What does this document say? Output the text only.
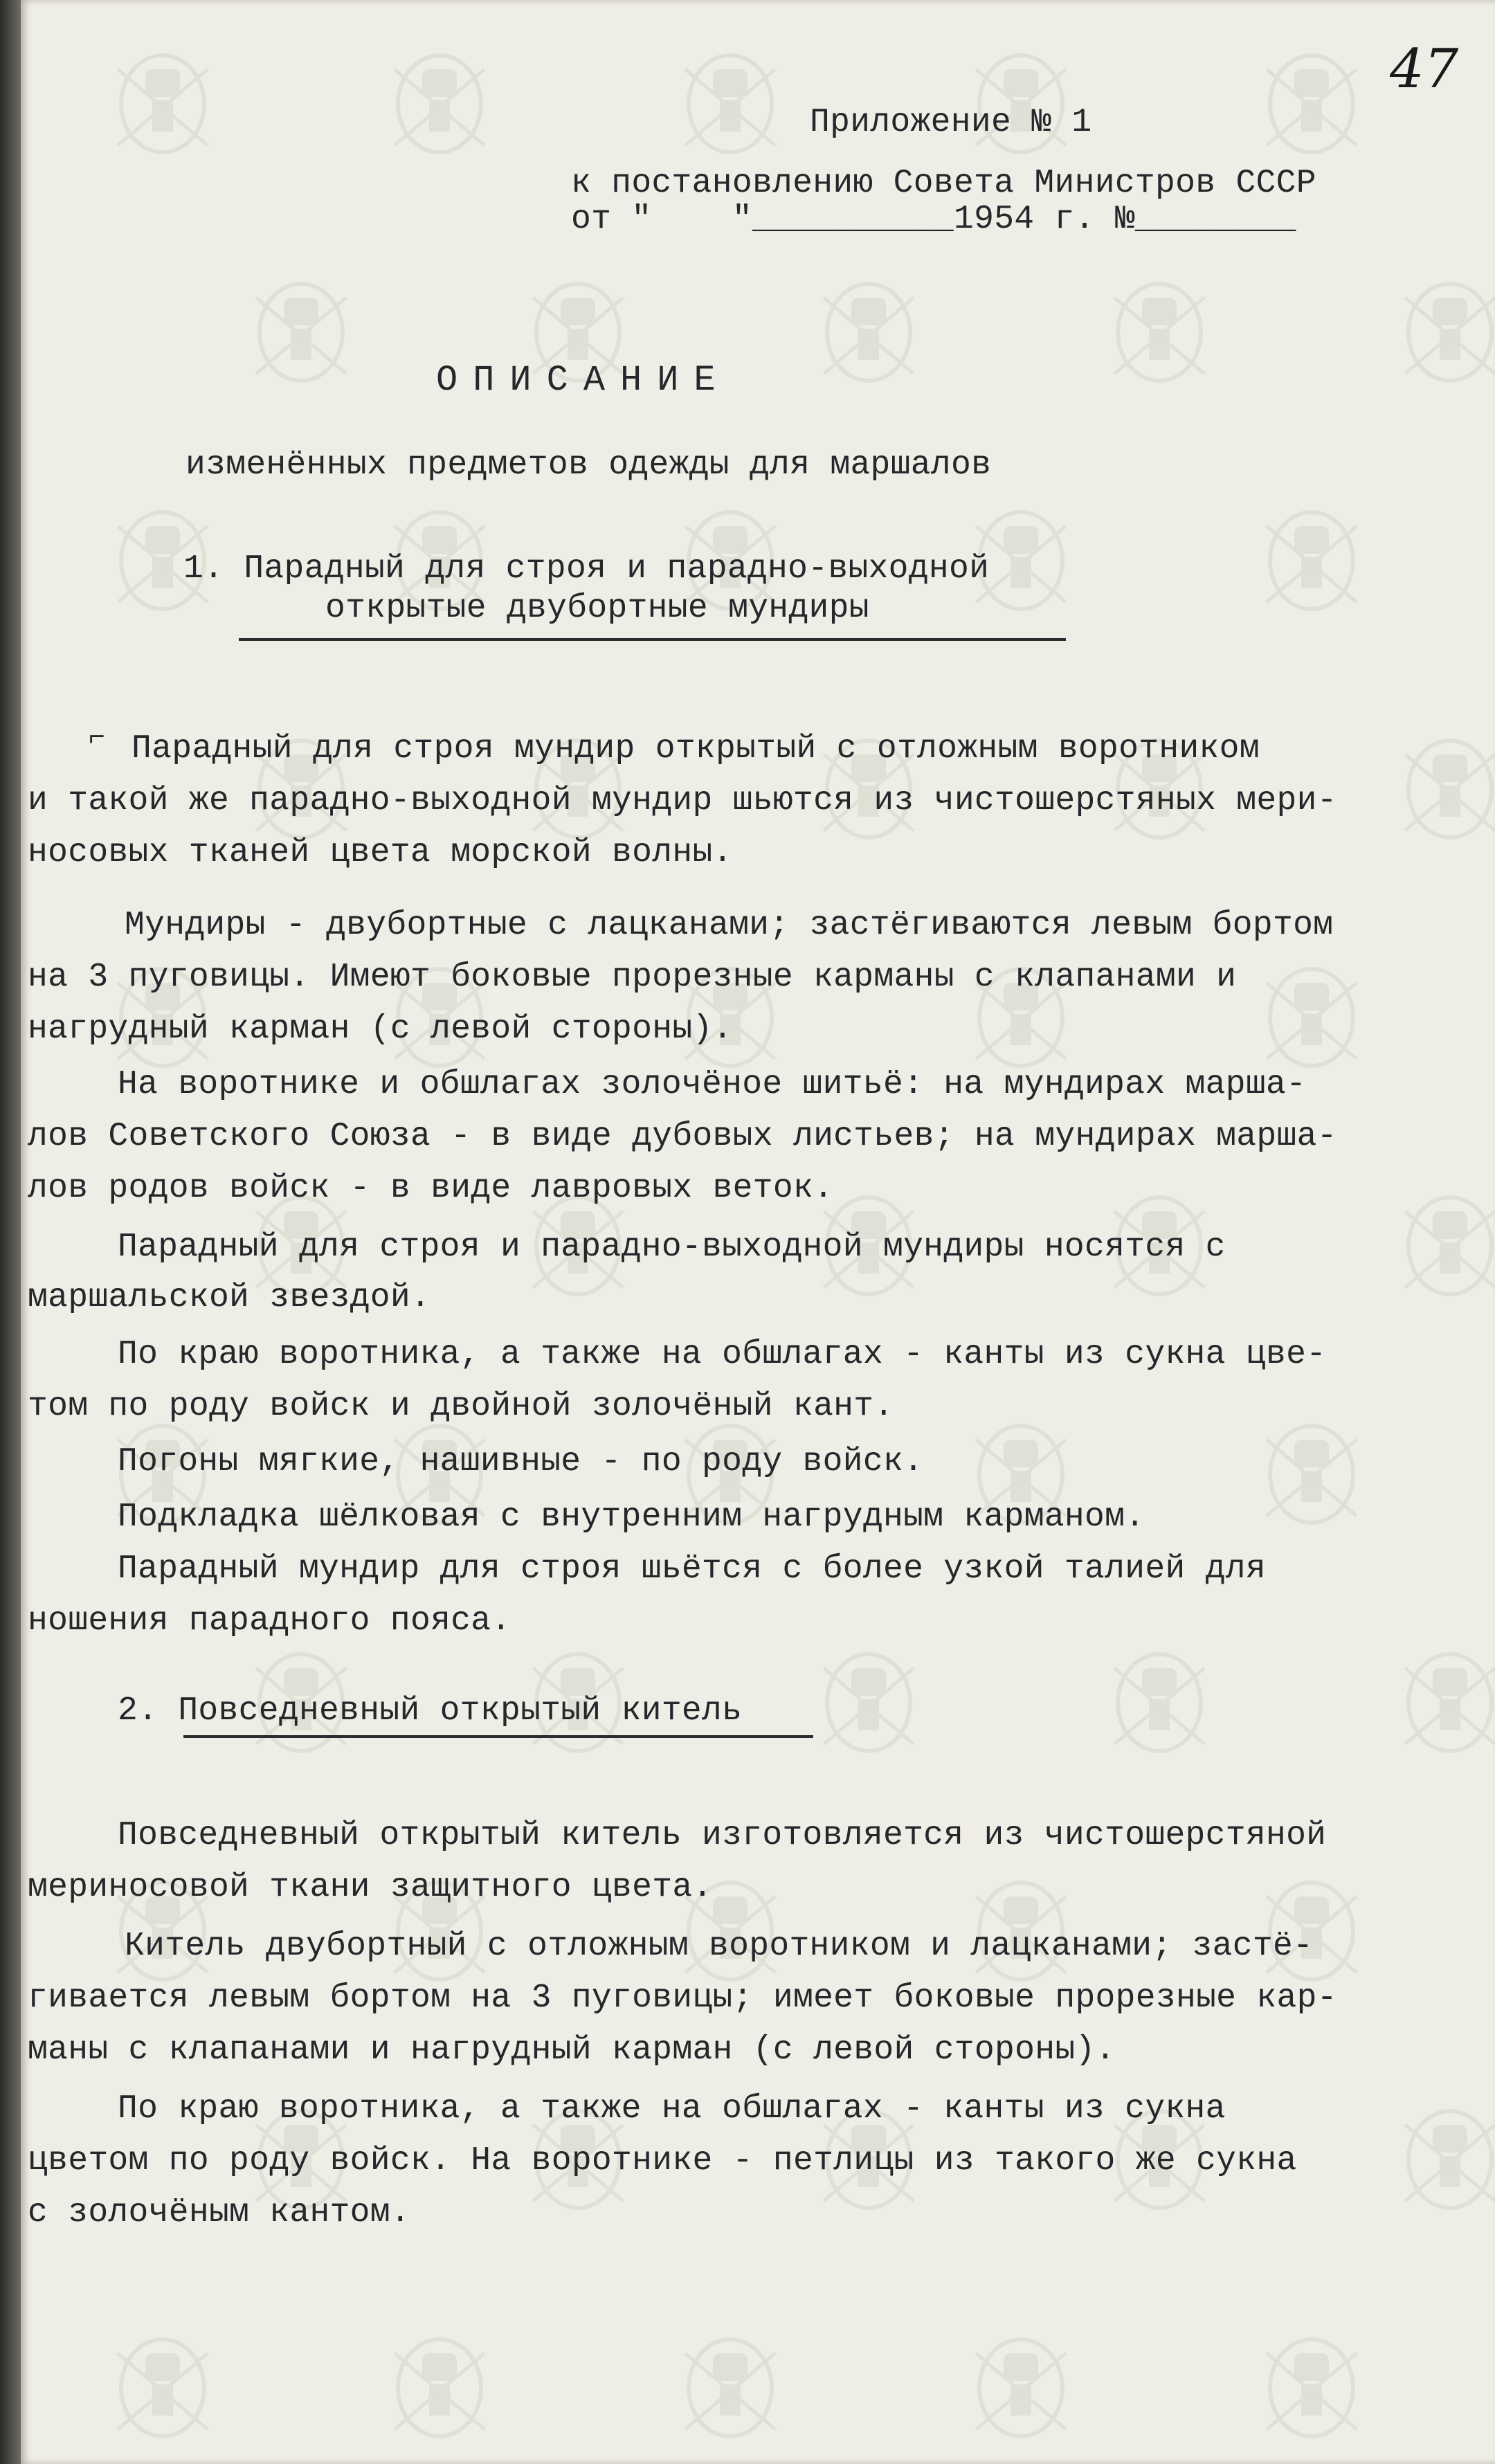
47
Приложение № 1
к постановлению Совета Министров СССР
от "    "__________1954 г. №________
ОПИСАНИЕ
изменённых предметов одежды для маршалов
1. Парадный для строя и парадно-выходной
открытые двубортные мундиры
⌐ Парадный для строя мундир открытый с отложным воротником
и такой же парадно-выходной мундир шьются из чистошерстяных мери-
носовых тканей цвета морской волны.
Мундиры - двубортные с лацканами; застёгиваются левым бортом
на 3 пуговицы. Имеют боковые прорезные карманы с клапанами и
нагрудный карман (с левой стороны).
На воротнике и обшлагах золочёное шитьё: на мундирах марша-
лов Советского Союза - в виде дубовых листьев; на мундирах марша-
лов родов войск - в виде лавровых веток.
Парадный для строя и парадно-выходной мундиры носятся с
маршальской звездой.
По краю воротника, а также на обшлагах - канты из сукна цве-
том по роду войск и двойной золочёный кант.
Погоны мягкие, нашивные - по роду войск.
Подкладка шёлковая с внутренним нагрудным карманом.
Парадный мундир для строя шьётся с более узкой талией для
ношения парадного пояса.
2. Повседневный открытый китель
Повседневный открытый китель изготовляется из чистошерстяной
мериносовой ткани защитного цвета.
Китель двубортный с отложным воротником и лацканами; застё-
гивается левым бортом на 3 пуговицы; имеет боковые прорезные кар-
маны с клапанами и нагрудный карман (с левой стороны).
По краю воротника, а также на обшлагах - канты из сукна
цветом по роду войск. На воротнике - петлицы из такого же сукна
с золочёным кантом.
